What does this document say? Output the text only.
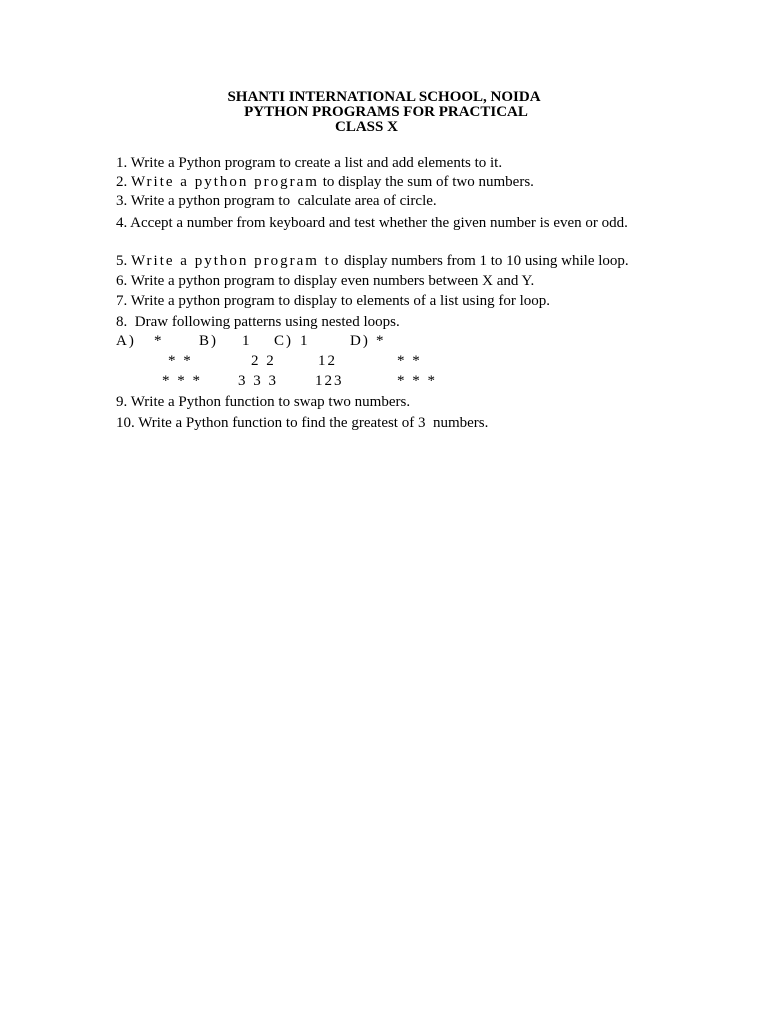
SHANTI INTERNATIONAL SCHOOL, NOIDA
PYTHON PROGRAMS FOR PRACTICAL
CLASS X
1. Write a Python program to create a list and add elements to it.
2. Write a python program to display the sum of two numbers.
3. Write a python program to  calculate area of circle.
4. Accept a number from keyboard and test whether the given number is even or odd.
5. Write a python program to display numbers from 1 to 10 using while loop.
6. Write a python program to display even numbers between X and Y.
7. Write a python program to display to elements of a list using for loop.
8.  Draw following patterns using nested loops.
A) *
* *
* * *
B) 1
2 2
3 3 3
C) 1
12
123
D) *
* *
* * *
9. Write a Python function to swap two numbers.
10. Write a Python function to find the greatest of 3  numbers.
